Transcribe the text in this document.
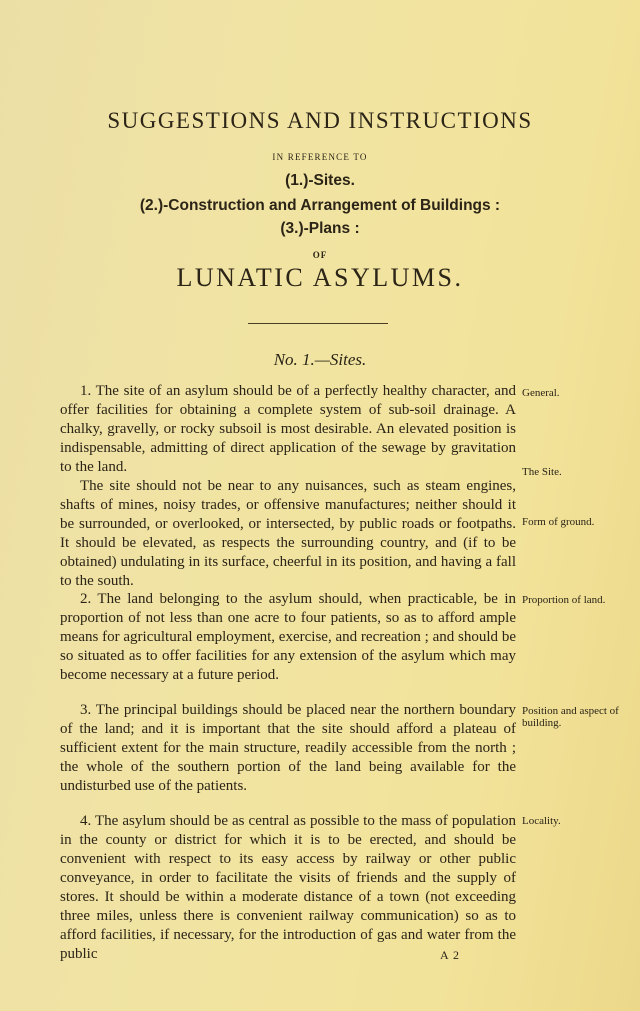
SUGGESTIONS AND INSTRUCTIONS
IN REFERENCE TO
(1.)-Sites.
(2.)-Construction and Arrangement of Buildings :
(3.)-Plans :
OF
LUNATIC ASYLUMS.
No. 1.—Sites.
1. The site of an asylum should be of a perfectly healthy character, and offer facilities for obtaining a complete system of sub-soil drainage. A chalky, gravelly, or rocky subsoil is most desirable. An elevated position is indispensable, admitting of direct application of the sewage by gravitation to the land.
The site should not be near to any nuisances, such as steam engines, shafts of mines, noisy trades, or offensive manufactures; neither should it be surrounded, or overlooked, or intersected, by public roads or footpaths. It should be elevated, as respects the surrounding country, and (if to be obtained) undulating in its surface, cheerful in its position, and having a fall to the south.
2. The land belonging to the asylum should, when practicable, be in proportion of not less than one acre to four patients, so as to afford ample means for agricultural employment, exercise, and recreation ; and should be so situated as to offer facilities for any extension of the asylum which may become necessary at a future period.
3. The principal buildings should be placed near the northern boundary of the land; and it is important that the site should afford a plateau of sufficient extent for the main structure, readily accessible from the north ; the whole of the southern portion of the land being available for the undisturbed use of the patients.
4. The asylum should be as central as possible to the mass of population in the county or district for which it is to be erected, and should be convenient with respect to its easy access by railway or other public conveyance, in order to facilitate the visits of friends and the supply of stores. It should be within a moderate distance of a town (not exceeding three miles, unless there is convenient railway communication) so as to afford facilities, if necessary, for the introduction of gas and water from the public
General.
The Site.
Form of ground.
Proportion of land.
Position and aspect of building.
Locality.
A 2
